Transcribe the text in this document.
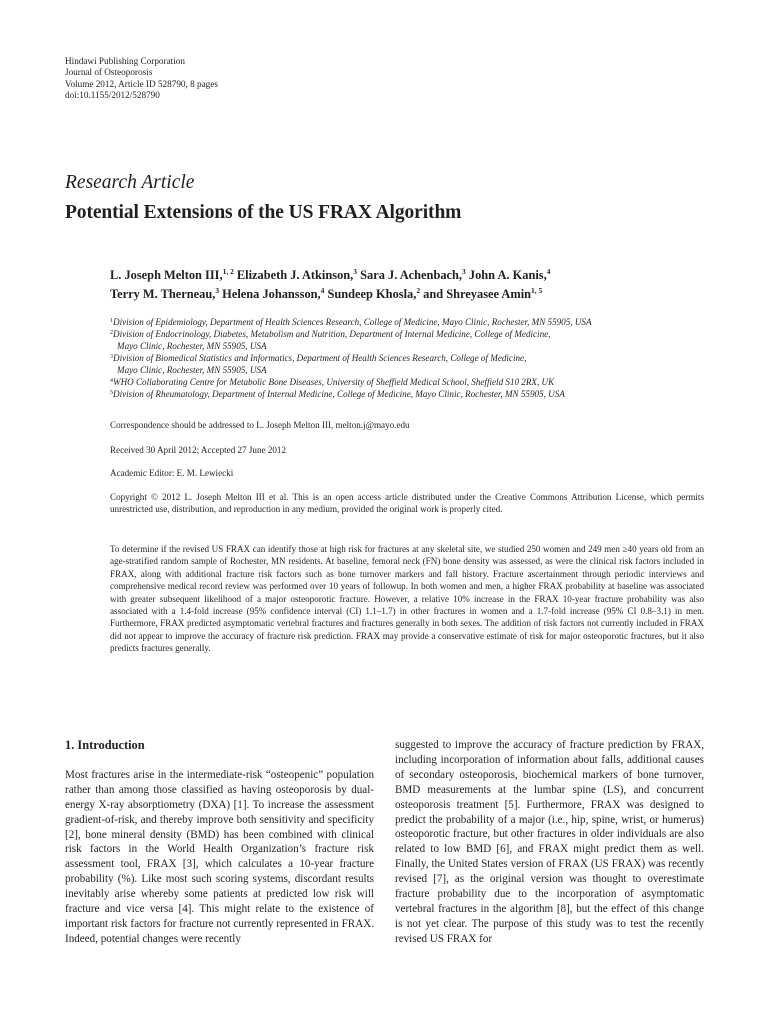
Hindawi Publishing Corporation
Journal of Osteoporosis
Volume 2012, Article ID 528790, 8 pages
doi:10.1155/2012/528790
Research Article
Potential Extensions of the US FRAX Algorithm
L. Joseph Melton III,$^{1, 2}$ Elizabeth J. Atkinson,$^3$ Sara J. Achenbach,$^3$ John A. Kanis,$^4$
Terry M. Therneau,$^3$ Helena Johansson,$^4$ Sundeep Khosla,$^2$ and Shreyasee Amin$^{1, 5}$
$^1$Division of Epidemiology, Department of Health Sciences Research, College of Medicine, Mayo Clinic, Rochester, MN 55905, USA
$^2$Division of Endocrinology, Diabetes, Metabolism and Nutrition, Department of Internal Medicine, College of Medicine,
Mayo Clinic, Rochester, MN 55905, USA
$^3$Division of Biomedical Statistics and Informatics, Department of Health Sciences Research, College of Medicine,
Mayo Clinic, Rochester, MN 55905, USA
$^4$WHO Collaborating Centre for Metabolic Bone Diseases, University of Sheffield Medical School, Sheffield S10 2RX, UK
$^5$Division of Rheumatology, Department of Internal Medicine, College of Medicine, Mayo Clinic, Rochester, MN 55905, USA
Correspondence should be addressed to L. Joseph Melton III, melton.j@mayo.edu
Received 30 April 2012; Accepted 27 June 2012
Academic Editor: E. M. Lewiecki
Copyright © 2012 L. Joseph Melton III et al. This is an open access article distributed under the Creative Commons Attribution License, which permits unrestricted use, distribution, and reproduction in any medium, provided the original work is properly cited.
To determine if the revised US FRAX can identify those at high risk for fractures at any skeletal site, we studied 250 women and 249 men ≥40 years old from an age-stratified random sample of Rochester, MN residents. At baseline, femoral neck (FN) bone density was assessed, as were the clinical risk factors included in FRAX, along with additional fracture risk factors such as bone turnover markers and fall history. Fracture ascertainment through periodic interviews and comprehensive medical record review was performed over 10 years of followup. In both women and men, a higher FRAX probability at baseline was associated with greater subsequent likelihood of a major osteoporotic fracture. However, a relative 10% increase in the FRAX 10-year fracture probability was also associated with a 1.4-fold increase (95% confidence interval (CI) 1.1–1.7) in other fractures in women and a 1.7-fold increase (95% CI 0.8–3.1) in men. Furthermore, FRAX predicted asymptomatic vertebral fractures and fractures generally in both sexes. The addition of risk factors not currently included in FRAX did not appear to improve the accuracy of fracture risk prediction. FRAX may provide a conservative estimate of risk for major osteoporotic fractures, but it also predicts fractures generally.
1. Introduction

Most fractures arise in the intermediate-risk “osteopenic” population rather than among those classified as having osteoporosis by dual-energy X-ray absorptiometry (DXA) [1]. To increase the assessment gradient-of-risk, and thereby improve both sensitivity and specificity [2], bone mineral density (BMD) has been combined with clinical risk factors in the World Health Organization’s fracture risk assessment tool, FRAX [3], which calculates a 10-year fracture probability (%). Like most such scoring systems, discordant results inevitably arise whereby some patients at predicted low risk will fracture and vice versa [4]. This might relate to the existence of important risk factors for fracture not currently represented in FRAX. Indeed, potential changes were recently

suggested to improve the accuracy of fracture prediction by FRAX, including incorporation of information about falls, additional causes of secondary osteoporosis, biochemical markers of bone turnover, BMD measurements at the lumbar spine (LS), and concurrent osteoporosis treatment [5]. Furthermore, FRAX was designed to predict the probability of a major (i.e., hip, spine, wrist, or humerus) osteoporotic fracture, but other fractures in older individuals are also related to low BMD [6], and FRAX might predict them as well. Finally, the United States version of FRAX (US FRAX) was recently revised [7], as the original version was thought to overestimate fracture probability due to the incorporation of asymptomatic vertebral fractures in the algorithm [8], but the effect of this change is not yet clear. The purpose of this study was to test the recently revised US FRAX for
